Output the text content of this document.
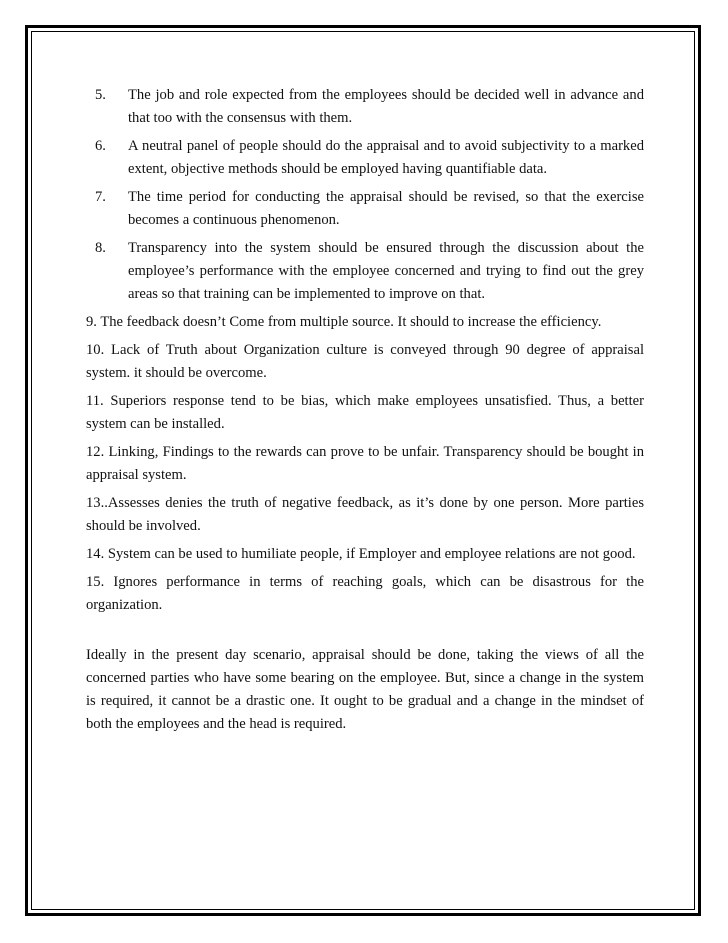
5. The job and role expected from the employees should be decided well in advance and that too with the consensus with them.
6. A neutral panel of people should do the appraisal and to avoid subjectivity to a marked extent, objective methods should be employed having quantifiable data.
7. The time period for conducting the appraisal should be revised, so that the exercise becomes a continuous phenomenon.
8. Transparency into the system should be ensured through the discussion about the employee’s performance with the employee concerned and trying to find out the grey areas so that training can be implemented to improve on that.
9. The feedback doesn’t Come from multiple source. It should to increase the efficiency.
10. Lack of Truth about Organization culture is conveyed through 90 degree of appraisal system. it should be overcome.
11. Superiors response tend to be bias, which make employees unsatisfied. Thus, a better system can be installed.
12. Linking, Findings to the rewards can prove to be unfair. Transparency should be bought in appraisal system.
13..Assesses denies the truth of negative feedback, as it’s done by one person. More parties should be involved.
14. System can be used to humiliate people, if Employer and employee relations are not good.
15. Ignores performance in terms of reaching goals, which can be disastrous for the organization.
Ideally in the present day scenario, appraisal should be done, taking the views of all the concerned parties who have some bearing on the employee. But, since a change in the system is required, it cannot be a drastic one. It ought to be gradual and a change in the mindset of both the employees and the head is required.
